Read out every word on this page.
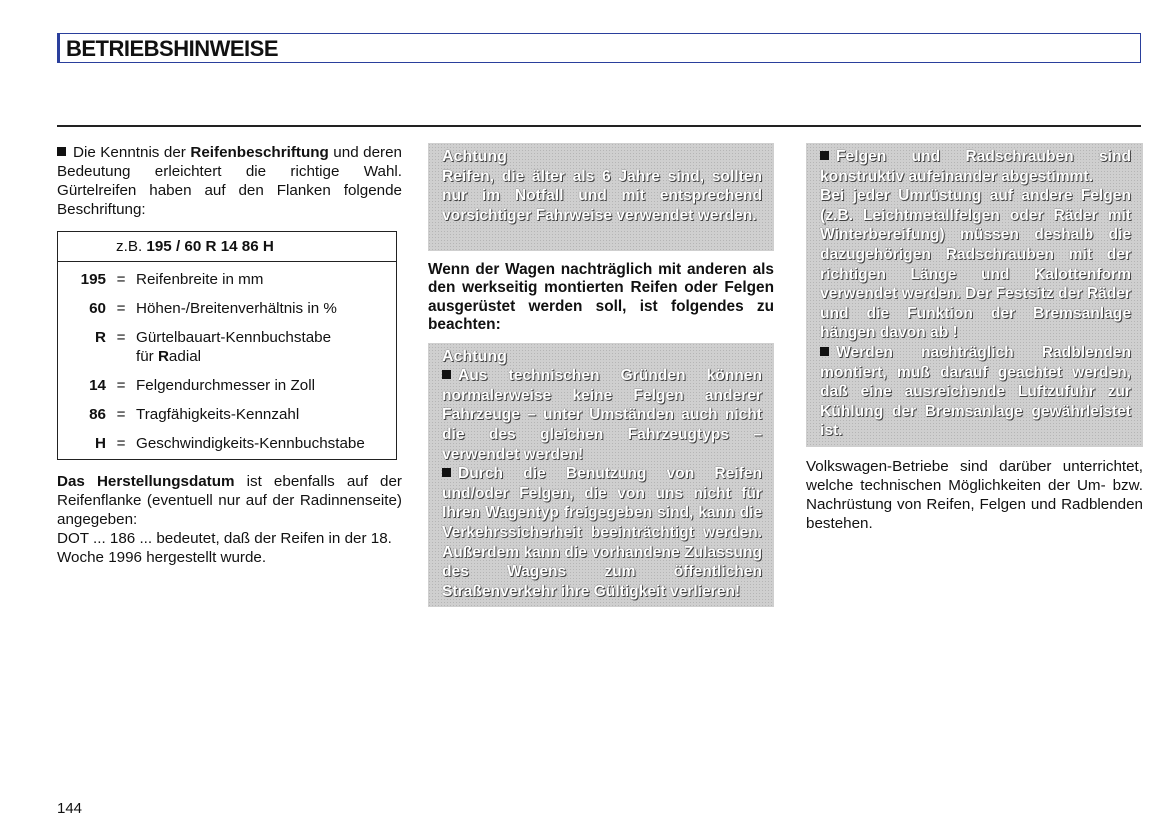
BETRIEBSHINWEISE

Die Kenntnis der Reifenbeschriftung und deren Bedeutung erleichtert die richtige Wahl. Gürtelreifen haben auf den Flanken folgende Beschriftung:

z.B. 195 / 60 R 14 86 H
195 = Reifenbreite in mm
60 = Höhen-/Breitenverhältnis in %
R = Gürtelbauart-Kennbuchstabe
für Radial
14 = Felgendurchmesser in Zoll
86 = Tragfähigkeits-Kennzahl
H = Geschwindigkeits-Kennbuchstabe

Das Herstellungsdatum ist ebenfalls auf der Reifenflanke (eventuell nur auf der Radinnenseite) angegeben:

DOT ... 186 ... bedeutet, daß der Reifen in der 18. Woche 1996 hergestellt wurde.

Achtung

Reifen, die älter als 6 Jahre sind, sollten nur im Notfall und mit entsprechend vorsichtiger Fahrweise verwendet werden.

Wenn der Wagen nachträglich mit anderen als den werkseitig montierten Reifen oder Felgen ausgerüstet werden soll, ist folgendes zu beachten:

Achtung

Aus technischen Gründen können normalerweise keine Felgen anderer Fahrzeuge – unter Umständen auch nicht die des gleichen Fahrzeugtyps – verwendet werden!

Durch die Benutzung von Reifen und/oder Felgen, die von uns nicht für Ihren Wagentyp freigegeben sind, kann die Verkehrssicherheit beeinträchtigt werden. Außerdem kann die vorhandene Zulassung des Wagens zum öffentlichen Straßenverkehr ihre Gültigkeit verlieren!

Felgen und Radschrauben sind konstruktiv aufeinander abgestimmt.

Bei jeder Umrüstung auf andere Felgen (z.B. Leichtmetallfelgen oder Räder mit Winterbereifung) müssen deshalb die dazugehörigen Radschrauben mit der richtigen Länge und Kalottenform verwendet werden. Der Festsitz der Räder und die Funktion der Bremsanlage hängen davon ab !

Werden nachträglich Radblenden montiert, muß darauf geachtet werden, daß eine ausreichende Luftzufuhr zur Kühlung der Bremsanlage gewährleistet ist.

Volkswagen-Betriebe sind darüber unterrichtet, welche technischen Möglichkeiten der Um- bzw. Nachrüstung von Reifen, Felgen und Radblenden bestehen.

144
